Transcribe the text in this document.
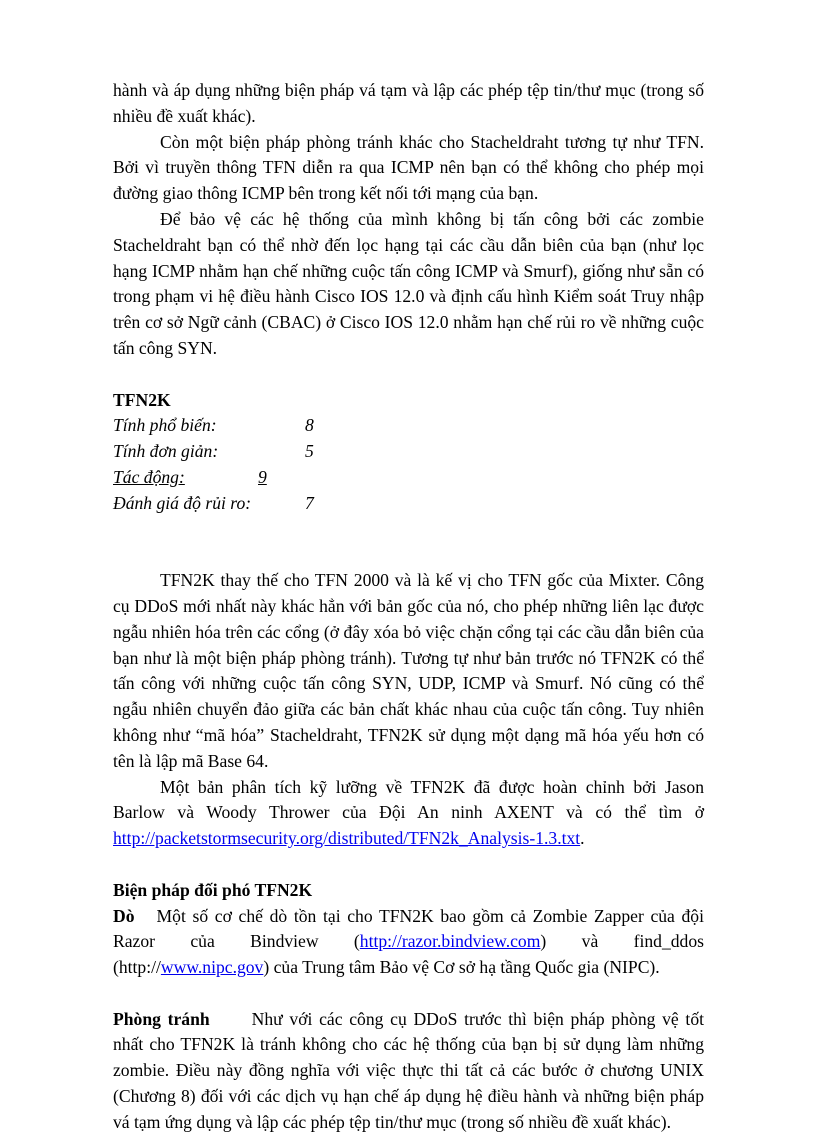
hành và áp dụng những biện pháp vá tạm và lập các phép tệp tin/thư mục (trong số nhiều đề xuất khác).

Còn một biện pháp phòng tránh khác cho Stacheldraht tương tự như TFN. Bởi vì truyền thông TFN diễn ra qua ICMP nên bạn có thể không cho phép mọi đường giao thông ICMP bên trong kết nối tới mạng của bạn.

Để bảo vệ các hệ thống của mình không bị tấn công bởi các zombie Stacheldraht bạn có thể nhờ đến lọc hạng tại các cầu dẫn biên của bạn (như lọc hạng ICMP nhằm hạn chế những cuộc tấn công ICMP và Smurf), giống như sẵn có trong phạm vi hệ điều hành Cisco IOS 12.0 và định cấu hình Kiểm soát Truy nhập trên cơ sở Ngữ cảnh (CBAC) ở Cisco IOS 12.0 nhằm hạn chế rủi ro về những cuộc tấn công SYN.

TFN2K

Tính phổ biến:	8
Tính đơn giản:	5
Tác động:	9
Đánh giá độ rủi ro:	7

TFN2K thay thế cho TFN 2000 và là kế vị cho TFN gốc của Mixter. Công cụ DDoS mới nhất này khác hẳn với bản gốc của nó, cho phép những liên lạc được ngẫu nhiên hóa trên các cổng (ở đây xóa bỏ việc chặn cổng tại các cầu dẫn biên của bạn như là một biện pháp phòng tránh). Tương tự như bản trước nó TFN2K có thể tấn công với những cuộc tấn công SYN, UDP, ICMP và Smurf. Nó cũng có thể ngẫu nhiên chuyển đảo giữa các bản chất khác nhau của cuộc tấn công. Tuy nhiên không như “mã hóa” Stacheldraht, TFN2K sử dụng một dạng mã hóa yếu hơn có tên là lập mã Base 64.

Một bản phân tích kỹ lưỡng về TFN2K đã được hoàn chỉnh bởi Jason Barlow và Woody Thrower của Đội An ninh AXENT và có thể tìm ở http://packetstormsecurity.org/distributed/TFN2k_Analysis-1.3.txt.

Biện pháp đối phó TFN2K

Dò Một số cơ chế dò tồn tại cho TFN2K bao gồm cả Zombie Zapper của đội Razor của Bindview (http://razor.bindview.com) và find_ddos (http://www.nipc.gov) của Trung tâm Bảo vệ Cơ sở hạ tầng Quốc gia (NIPC).

Phòng tránh Như với các công cụ DDoS trước thì biện pháp phòng vệ tốt nhất cho TFN2K là tránh không cho các hệ thống của bạn bị sử dụng làm những zombie. Điều này đồng nghĩa với việc thực thi tất cả các bước ở chương UNIX (Chương 8) đối với các dịch vụ hạn chế áp dụng hệ điều hành và những biện pháp vá tạm ứng dụng và lập các phép tệp tin/thư mục (trong số nhiều đề xuất khác).
